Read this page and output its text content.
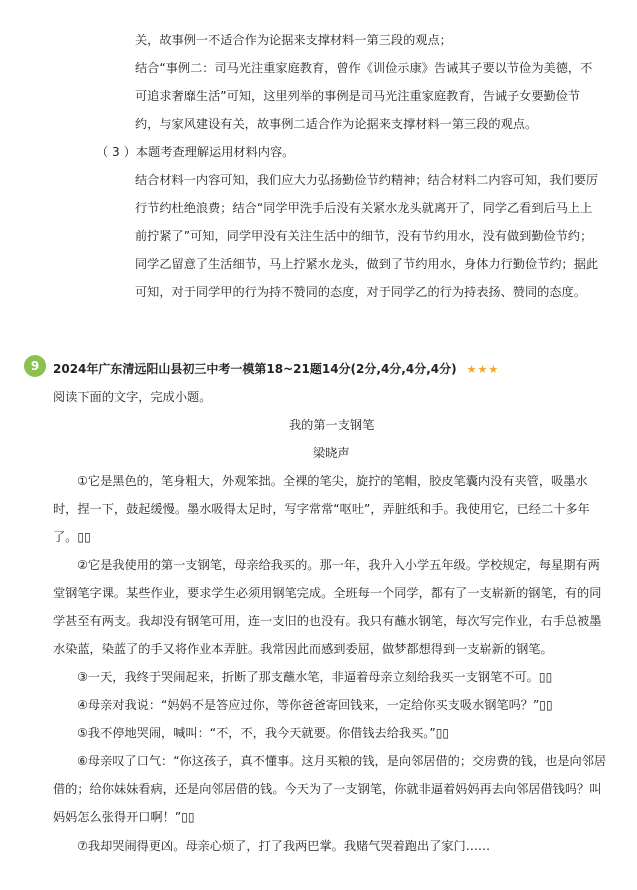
关，故事例一不适合作为论据来支撑材料一第三段的观点；
结合“事例二：司马光注重家庭教育，曾作《训俭示康》告诫其子要以节俭为美德，不
可追求奢靡生活”可知，这里列举的事例是司马光注重家庭教育，告诫子女要勤俭节
约，与家风建设有关，故事例二适合作为论据来支撑材料一第三段的观点。
（ 3 ）本题考查理解运用材料内容。
结合材料一内容可知，我们应大力弘扬勤俭节约精神；结合材料二内容可知，我们要厉
行节约杜绝浪费；结合“同学甲洗手后没有关紧水龙头就离开了，同学乙看到后马上上
前拧紧了”可知，同学甲没有关注生活中的细节，没有节约用水，没有做到勤俭节约；
同学乙留意了生活细节，马上拧紧水龙头，做到了节约用水，身体力行勤俭节约；据此
可知，对于同学甲的行为持不赞同的态度，对于同学乙的行为持表扬、赞同的态度。
9	2024年广东清远阳山县初三中考一模第18~21题14分(2分,4分,4分,4分) ★★★
阅读下面的文字，完成小题。
我的第一支钢笔
梁晓声
①它是黑色的，笔身粗大，外观笨拙。全裸的笔尖，旋拧的笔帽，胶皮笔囊内没有夹管，吸墨水
时，捏一下，鼓起缓慢。墨水吸得太足时，写字常常“呕吐”，弄脏纸和手。我使用它，已经二十多年
了。▯▯
②它是我使用的第一支钢笔，母亲给我买的。那一年，我升入小学五年级。学校规定，每星期有两
堂钢笔字课。某些作业，要求学生必须用钢笔完成。全班每一个同学，都有了一支崭新的钢笔，有的同
学甚至有两支。我却没有钢笔可用，连一支旧的也没有。我只有蘸水钢笔，每次写完作业，右手总被墨
水染蓝，染蓝了的手又将作业本弄脏。我常因此而感到委屈，做梦都想得到一支崭新的钢笔。
③一天，我终于哭闹起来，折断了那支蘸水笔，非逼着母亲立刻给我买一支钢笔不可。▯▯
④母亲对我说：“妈妈不是答应过你，等你爸爸寄回钱来，一定给你买支吸水钢笔吗？”▯▯
⑤我不停地哭闹，喊叫：“不，不，我今天就要。你借钱去给我买。”▯▯
⑥母亲叹了口气：“你这孩子，真不懂事。这月买粮的钱，是向邻居借的；交房费的钱，也是向邻居
借的；给你妹妹看病，还是向邻居借的钱。今天为了一支钢笔，你就非逼着妈妈再去向邻居借钱吗？叫
妈妈怎么张得开口啊！”▯▯
⑦我却哭闹得更凶。母亲心烦了，打了我两巴掌。我赌气哭着跑出了家门……
